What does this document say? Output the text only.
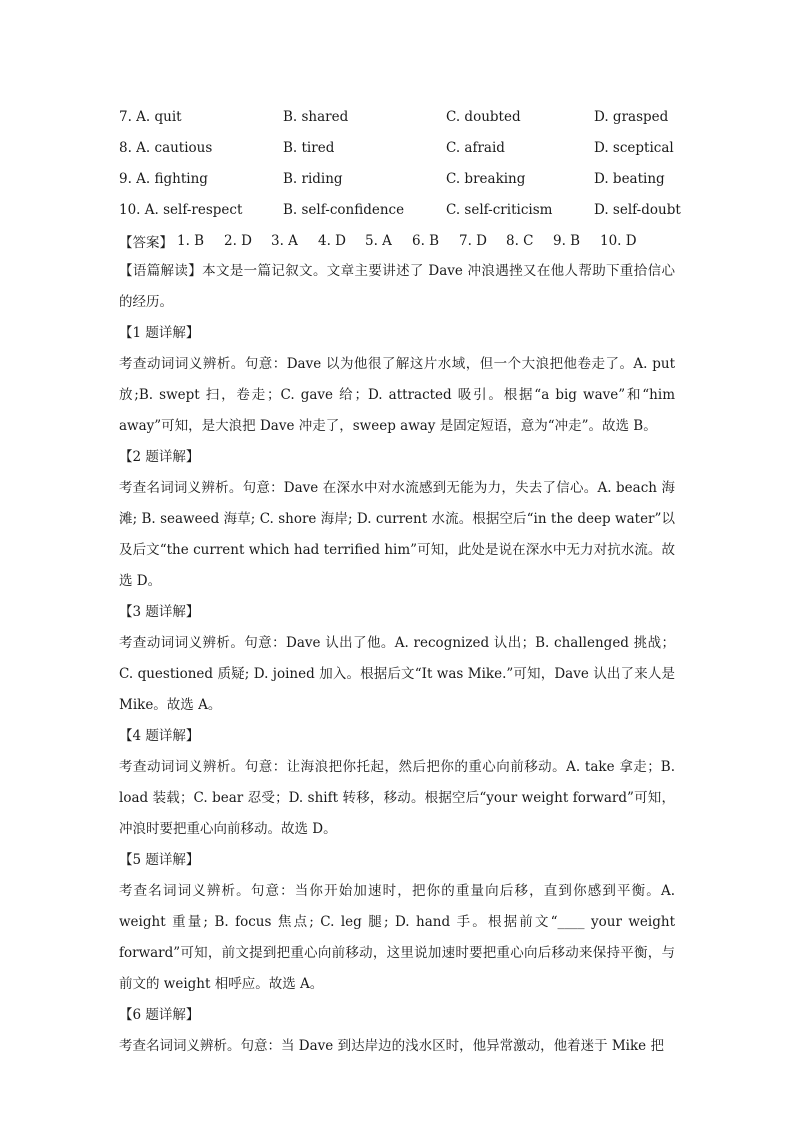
7. A. quit	B. shared	C. doubted	D. grasped
8. A. cautious	B. tired	C. afraid	D. sceptical
9. A. fighting	B. riding	C. breaking	D. beating
10. A. self-respect	B. self-confidence	C. self-criticism	D. self-doubt
【答案】 1. B	2. D	3. A	4. D	5. A	6. B	7. D	8. C	9. B	10. D

【语篇解读】本文是一篇记叙文。文章主要讲述了 Dave 冲浪遇挫又在他人帮助下重拾信心的经历。

【1 题详解】

考查动词词义辨析。句意：Dave 以为他很了解这片水域，但一个大浪把他卷走了。A. put 放;B. swept 扫，卷走；C. gave 给；D. attracted 吸引。根据“a big wave”和“him away”可知，是大浪把 Dave 冲走了，sweep away 是固定短语，意为“冲走”。故选 B。

【2 题详解】

考查名词词义辨析。句意：Dave 在深水中对水流感到无能为力，失去了信心。A. beach 海滩; B. seaweed 海草; C. shore 海岸; D. current 水流。根据空后“in the deep water”以及后文“the current which had terrified him”可知，此处是说在深水中无力对抗水流。故选 D。

【3 题详解】

考查动词词义辨析。句意：Dave 认出了他。A. recognized 认出；B. challenged 挑战；C. questioned 质疑; D. joined 加入。根据后文“It was Mike.”可知，Dave 认出了来人是 Mike。故选 A。

【4 题详解】

考查动词词义辨析。句意：让海浪把你托起，然后把你的重心向前移动。A. take 拿走；B. load 装载；C. bear 忍受；D. shift 转移，移动。根据空后“your weight forward”可知，冲浪时要把重心向前移动。故选 D。

【5 题详解】

考查名词词义辨析。句意：当你开始加速时，把你的重量向后移，直到你感到平衡。A. weight 重量; B. focus 焦点; C. leg 腿; D. hand 手。根据前文“____ your weight forward”可知，前文提到把重心向前移动，这里说加速时要把重心向后移动来保持平衡，与前文的 weight 相呼应。故选 A。

【6 题详解】

考查名词词义辨析。句意：当 Dave 到达岸边的浅水区时，他异常激动，他着迷于 Mike 把
